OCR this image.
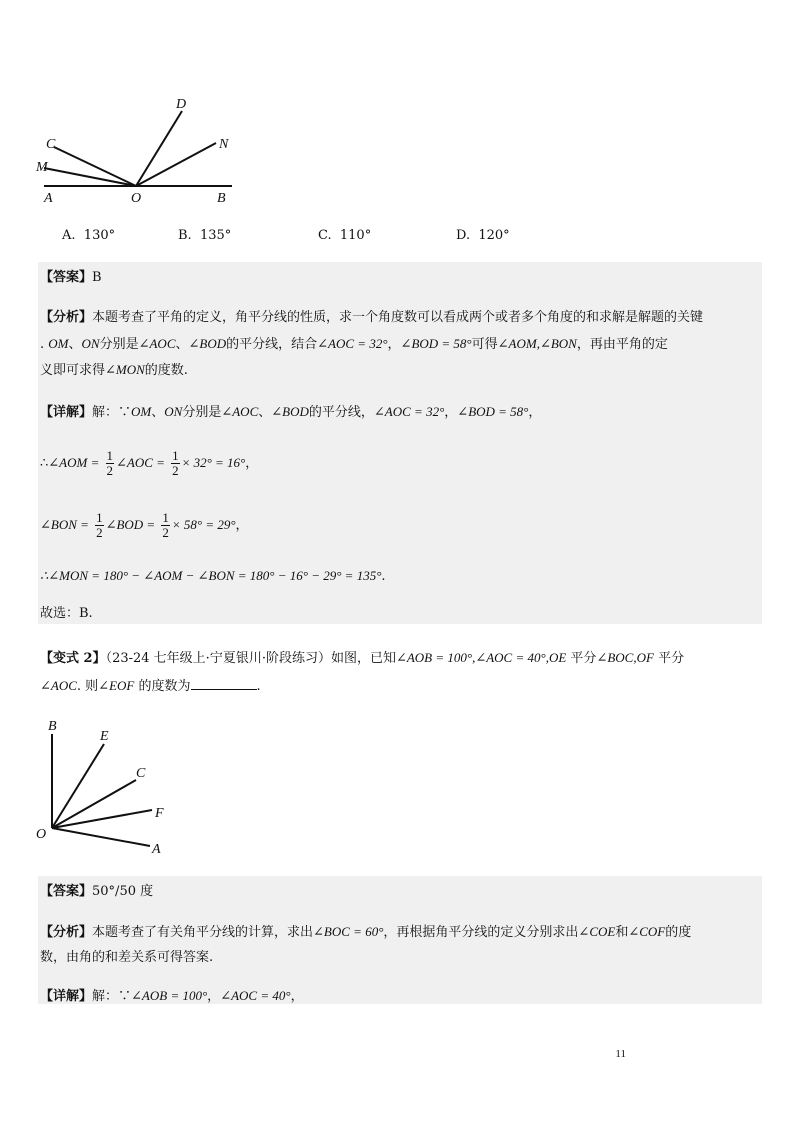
C
M
A	O	B
D
N
A. 130°	B. 135°	C. 110°	D. 120°
【答案】B
【分析】本题考查了平角的定义，角平分线的性质，求一个角度数可以看成两个或者多个角度的和求解是解题的关键
. OM、ON分别是∠AOC、∠BOD的平分线，结合∠AOC = 32°，∠BOD = 58°可得∠AOM,∠BON，再由平角的定
义即可求得∠MON的度数.
【详解】解：∵OM、ON分别是∠AOC、∠BOD的平分线，∠AOC = 32°，∠BOD = 58°，
∴∠AOM = $\frac{1}{2}$ ∠AOC = $\frac{1}{2} \times 32^\circ = 16^\circ$，
∠BON = $\frac{1}{2}$ ∠BOD = $\frac{1}{2} \times 58^\circ = 29^\circ$，
∴∠MON = 180° − ∠AOM − ∠BON = 180° − 16° − 29° = 135°.
故选：B.
【变式 2】（23-24 七年级上·宁夏银川·阶段练习）如图，已知∠AOB = 100°,∠AOC = 40°,OE 平分∠BOC,OF 平分
∠AOC. 则∠EOF 的度数为	.
B
E
C
F
O
A
【答案】50°/50 度
【分析】本题考查了有关角平分线的计算，求出∠BOC = 60°，再根据角平分线的定义分别求出∠COE和∠COF的度
数，由角的和差关系可得答案.
【详解】解：∵∠AOB = 100°，∠AOC = 40°，
11
